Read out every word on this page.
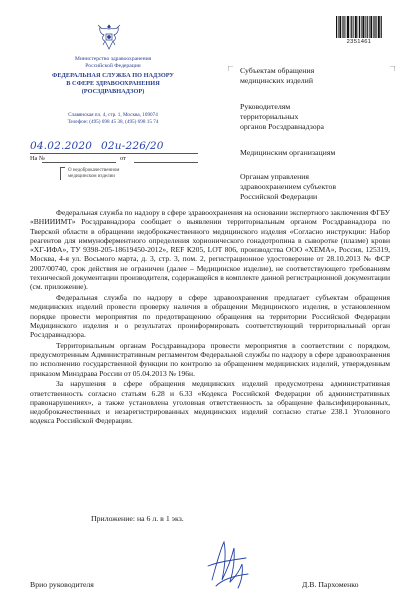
Министерство здравоохранения
Российской Федерации
ФЕДЕРАЛЬНАЯ СЛУЖБА ПО НАДЗОРУ
В СФЕРЕ ЗДРАВООХРАНЕНИЯ
(РОСЗДРАВНАДЗОР)
Славянская пл. 4, стр. 1, Москва, 109074
Телефон: (495) 698 45 38, (495) 698 15 74
04.02.2020 02и-226/20
На №	от
О недоброкачественном
медицинском изделии
2351461
Субъектам обращения
медицинских изделий
Руководителям
территориальных
органов Росздравнадзора
Медицинским организациям
Органам управления
здравоохранением субъектов
Российской Федерации

Федеральная служба по надзору в сфере здравоохранения на основании экспертного заключения ФГБУ «ВНИИИМТ» Росздравнадзора сообщает о выявлении территориальным органом Росздравнадзора по Тверской области в обращении недоброкачественного медицинского изделия «Согласно инструкции: Набор реагентов для иммуноферментного определения хорионического гонадотропина в сыворотке (плазме) крови «ХГ-ИФА», ТУ 9398-205-18619450-2012», REF К205, LOT 806, производства ООО «ХЕМА», Россия, 125319, Москва, 4-я ул. Восьмого марта, д. 3, стр. 3, пом. 2, регистрационное удостоверение от 28.10.2013 № ФСР 2007/00740, срок действия не ограничен (далее – Медицинское изделие), не соответствующего требованиям технической документации производителя, содержащейся в комплекте данной регистрационной документации (см. приложение).

Федеральная служба по надзору в сфере здравоохранения предлагает субъектам обращения медицинских изделий провести проверку наличия в обращении Медицинского изделия, в установленном порядке провести мероприятия по предотвращению обращения на территории Российской Федерации Медицинского изделия и о результатах проинформировать соответствующий территориальный орган Росздравнадзора.

Территориальным органам Росздравнадзора провести мероприятия в соответствии с порядком, предусмотренным Административным регламентом Федеральной службы по надзору в сфере здравоохранения по исполнению государственной функции по контролю за обращением медицинских изделий, утвержденным приказом Минздрава России от 05.04.2013 № 196н.

За нарушения в сфере обращения медицинских изделий предусмотрена административная ответственность согласно статьям 6.28 и 6.33 «Кодекса Российской Федерации об административных правонарушениях», а также установлена уголовная ответственность за обращение фальсифицированных, недоброкачественных и незарегистрированных медицинских изделий согласно статье 238.1 Уголовного кодекса Российской Федерации.

Приложение: на 6 л. в 1 экз.
Врио руководителя	Д.В. Пархоменко
